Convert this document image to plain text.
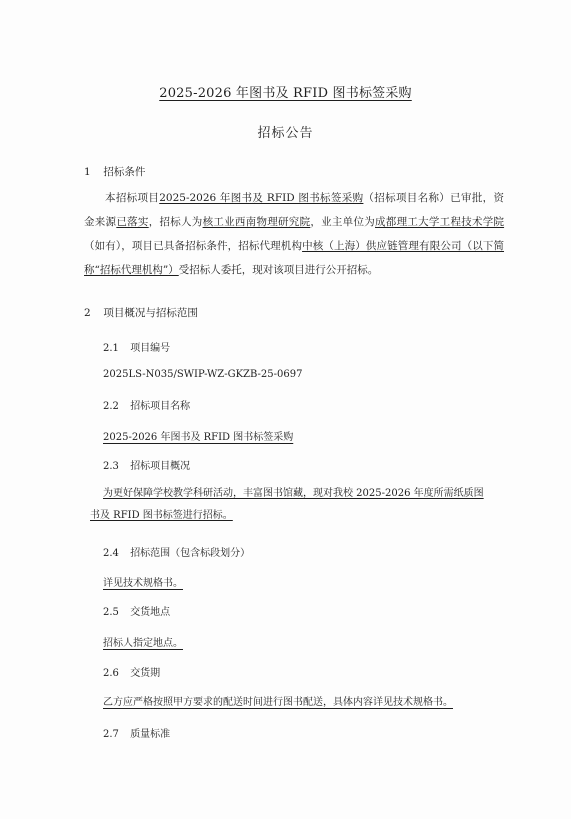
2025-2026 年图书及 RFID 图书标签采购
招标公告
1 招标条件
本招标项目2025-2026 年图书及 RFID 图书标签采购（招标项目名称）已审批，资金来源已落实，招标人为核工业西南物理研究院，业主单位为成都理工大学工程技术学院（如有），项目已具备招标条件，招标代理机构中核（上海）供应链管理有限公司（以下简称“招标代理机构”）受招标人委托，现对该项目进行公开招标。
2 项目概况与招标范围
2.1 项目编号
2025LS-N035/SWIP-WZ-GKZB-25-0697
2.2 招标项目名称
2025-2026 年图书及 RFID 图书标签采购
2.3 招标项目概况
为更好保障学校教学科研活动，丰富图书馆藏，现对我校 2025-2026 年度所需纸质图
书及 RFID 图书标签进行招标。
2.4 招标范围（包含标段划分）
详见技术规格书。
2.5 交货地点
招标人指定地点。
2.6 交货期
乙方应严格按照甲方要求的配送时间进行图书配送，具体内容详见技术规格书。
2.7 质量标准
